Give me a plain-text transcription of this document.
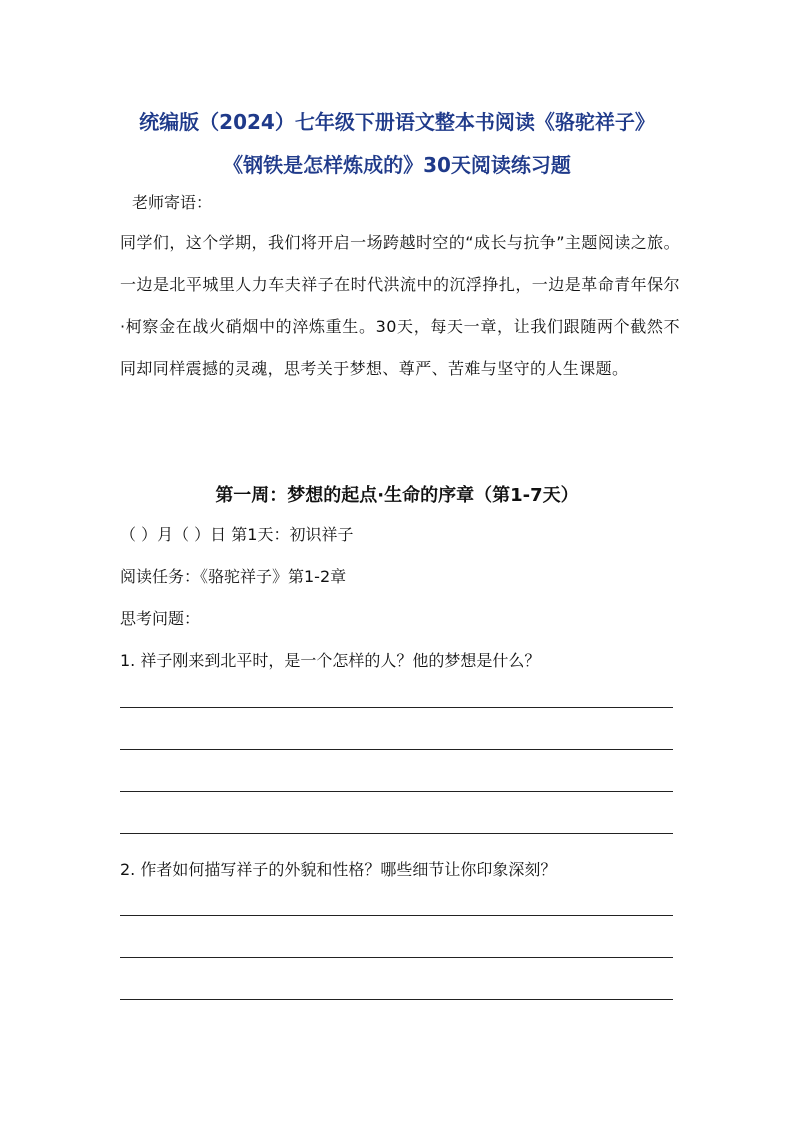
统编版（2024）七年级下册语文整本书阅读《骆驼祥子》
《钢铁是怎样炼成的》30天阅读练习题
老师寄语：
同学们，这个学期，我们将开启一场跨越时空的“成长与抗争”主题阅读之旅。一边是北平城里人力车夫祥子在时代洪流中的沉浮挣扎，一边是革命青年保尔·柯察金在战火硝烟中的淬炼重生。30天，每天一章，让我们跟随两个截然不同却同样震撼的灵魂，思考关于梦想、尊严、苦难与坚守的人生课题。
第一周：梦想的起点·生命的序章（第1-7天）
（ ）月（ ）日 第1天：初识祥子
阅读任务：《骆驼祥子》第1-2章
思考问题：
1. 祥子刚来到北平时，是一个怎样的人？他的梦想是什么？
2. 作者如何描写祥子的外貌和性格？哪些细节让你印象深刻？
